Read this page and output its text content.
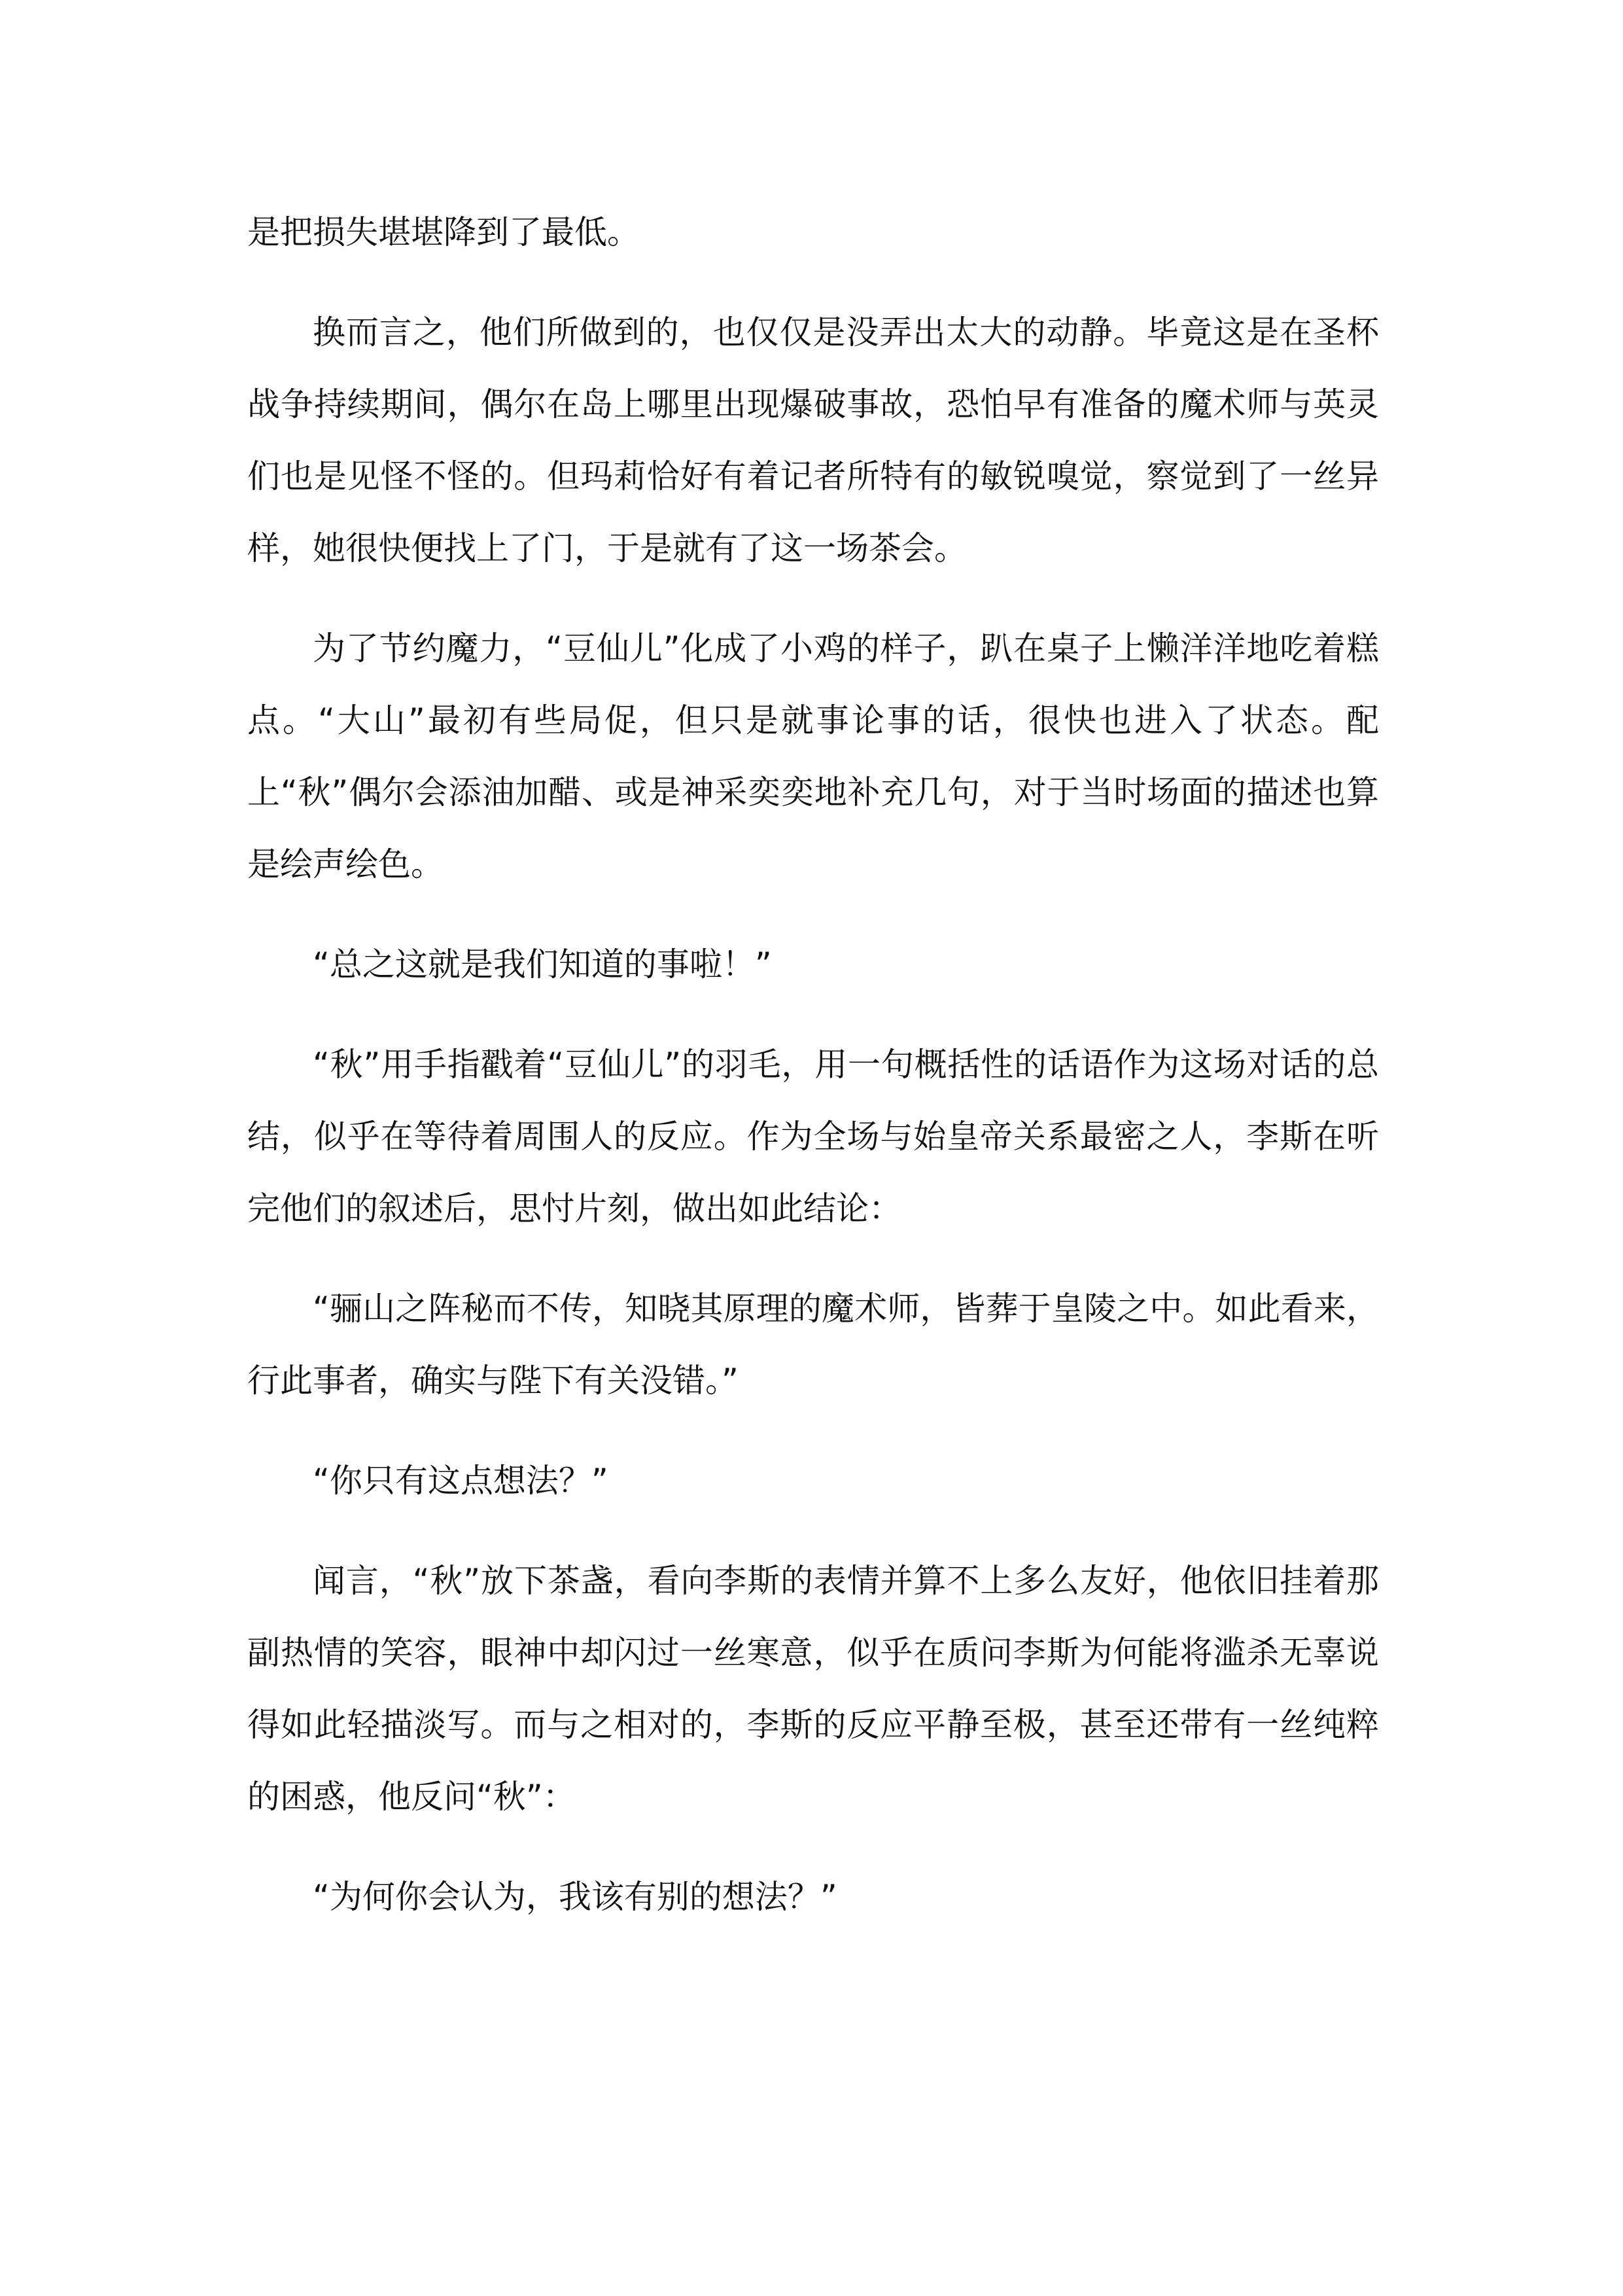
是把损失堪堪降到了最低。

换而言之，他们所做到的，也仅仅是没弄出太大的动静。毕竟这是在圣杯战争持续期间，偶尔在岛上哪里出现爆破事故，恐怕早有准备的魔术师与英灵们也是见怪不怪的。但玛莉恰好有着记者所特有的敏锐嗅觉，察觉到了一丝异样，她很快便找上了门，于是就有了这一场茶会。

为了节约魔力，“豆仙儿”化成了小鸡的样子，趴在桌子上懒洋洋地吃着糕点。“大山”最初有些局促，但只是就事论事的话，很快也进入了状态。配上“秋”偶尔会添油加醋、或是神采奕奕地补充几句，对于当时场面的描述也算是绘声绘色。

“总之这就是我们知道的事啦！”

“秋”用手指戳着“豆仙儿”的羽毛，用一句概括性的话语作为这场对话的总结，似乎在等待着周围人的反应。作为全场与始皇帝关系最密之人，李斯在听完他们的叙述后，思忖片刻，做出如此结论：

“骊山之阵秘而不传，知晓其原理的魔术师，皆葬于皇陵之中。如此看来，行此事者，确实与陛下有关没错。”

“你只有这点想法？”

闻言，“秋”放下茶盏，看向李斯的表情并算不上多么友好，他依旧挂着那副热情的笑容，眼神中却闪过一丝寒意，似乎在质问李斯为何能将滥杀无辜说得如此轻描淡写。而与之相对的，李斯的反应平静至极，甚至还带有一丝纯粹的困惑，他反问“秋”：

“为何你会认为，我该有别的想法？”
